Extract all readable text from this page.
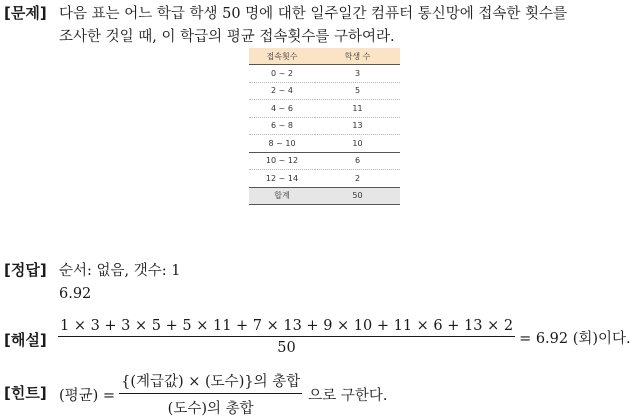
[문제] 다음 표는 어느 학급 학생 50 명에 대한 일주일간 컴퓨터 통신망에 접속한 횟수를
조사한 것일 때, 이 학급의 평균 접속횟수를 구하여라.
접속횟수	학생 수
0 ~ 2	3
2 ~ 4	5
4 ~ 6	11
6 ~ 8	13
8 ~ 10	10
10 ~ 12	6
12 ~ 14	2
합계	50
[정답] 순서: 없음, 갯수: 1
6.92
[해설] $\frac{1 \times 3 + 3 \times 5 + 5 \times 11 + 7 \times 13 + 9 \times 10 + 11 \times 6 + 13 \times 2}{50} = 6.92$ (회)이다.
[힌트] (평균) = $\frac{\text{\{(계급값) × (도수)\}의 총합}}{\text{(도수)의 총합}}$ 으로 구한다.
